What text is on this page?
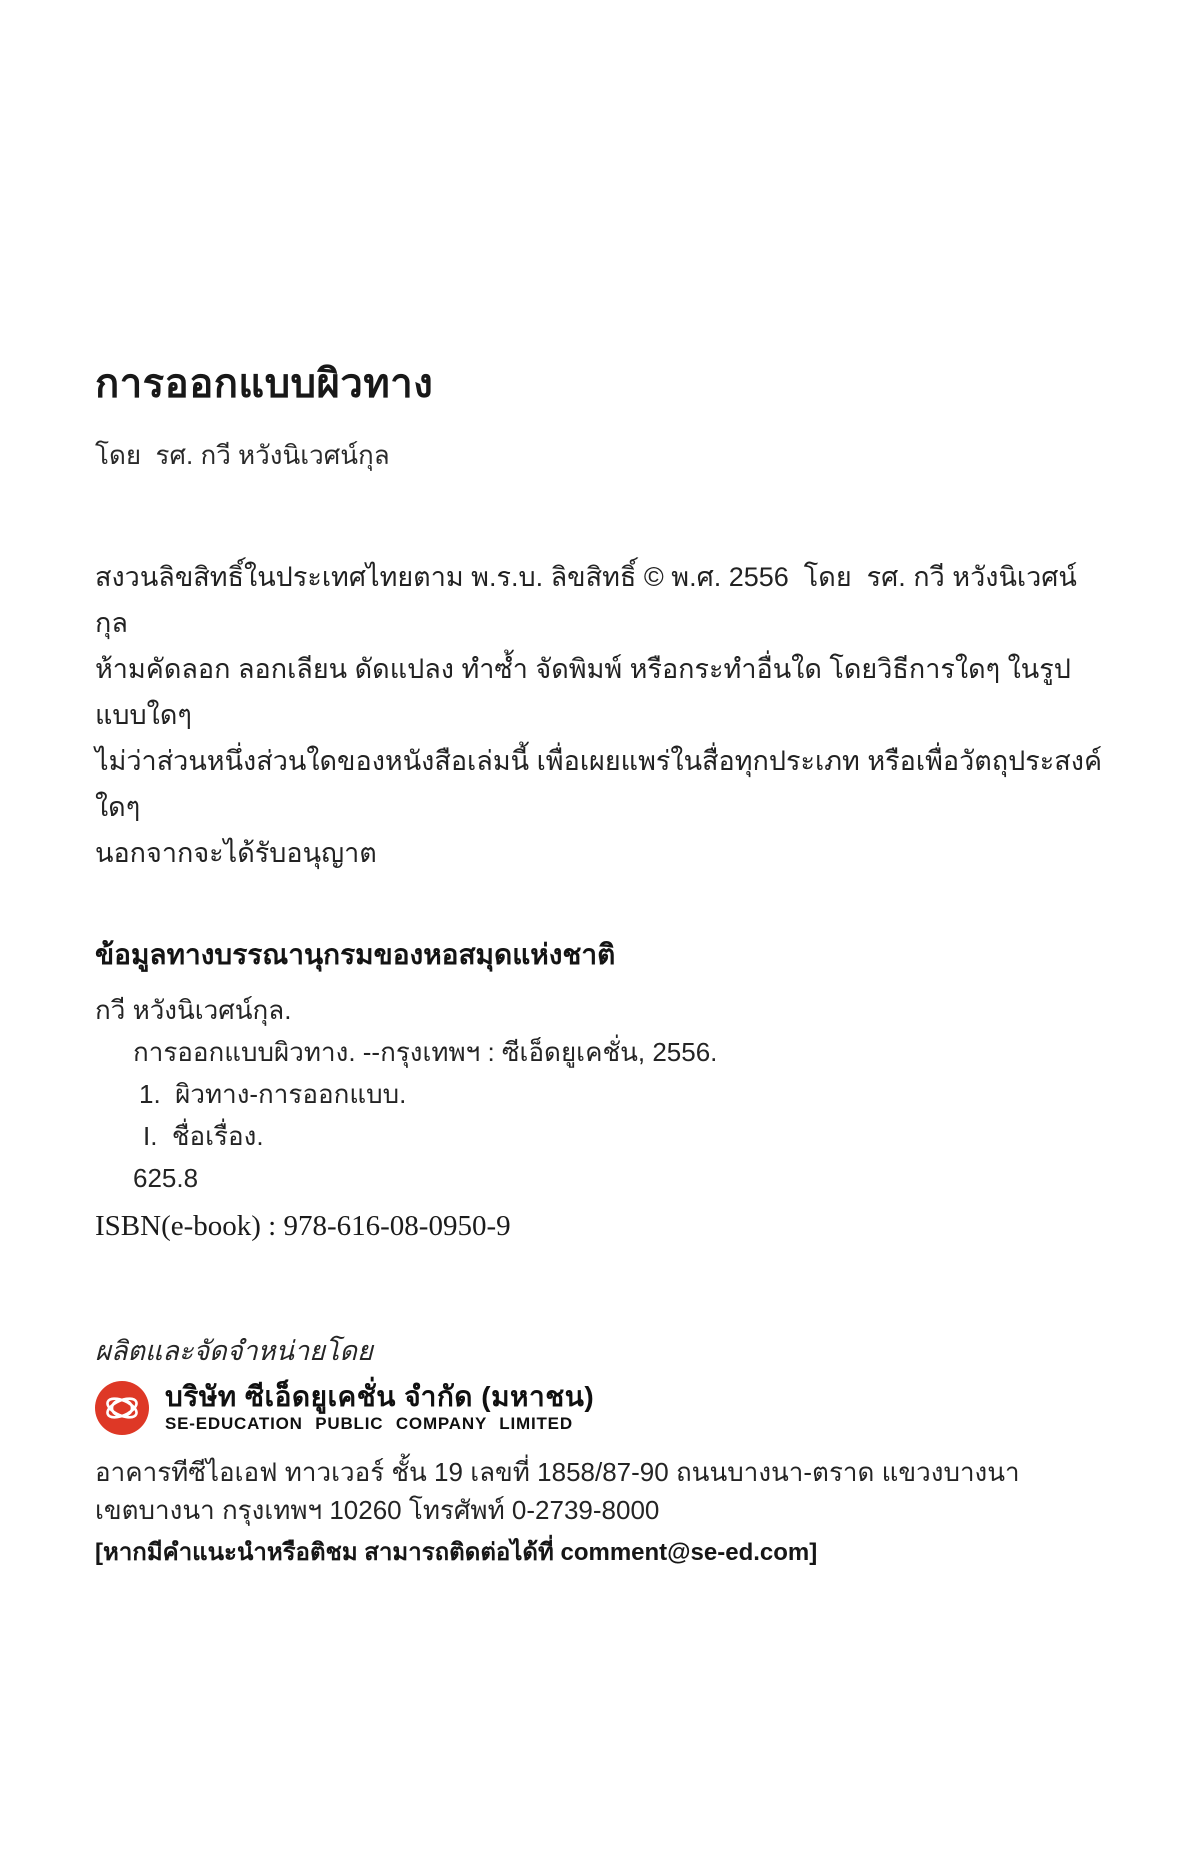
การออกแบบผิวทาง

โดย  รศ. กวี หวังนิเวศน์กุล

สงวนลิขสิทธิ์ในประเทศไทยตาม พ.ร.บ. ลิขสิทธิ์ © พ.ศ. 2556  โดย  รศ. กวี หวังนิเวศน์กุล
ห้ามคัดลอก ลอกเลียน ดัดแปลง ทำซ้ำ จัดพิมพ์ หรือกระทำอื่นใด โดยวิธีการใดๆ ในรูปแบบใดๆ
ไม่ว่าส่วนหนึ่งส่วนใดของหนังสือเล่มนี้ เพื่อเผยแพร่ในสื่อทุกประเภท หรือเพื่อวัตถุประสงค์ใดๆ
นอกจากจะได้รับอนุญาต
ข้อมูลทางบรรณานุกรมของหอสมุดแห่งชาติ
กวี หวังนิเวศน์กุล.
การออกแบบผิวทาง. --กรุงเทพฯ : ซีเอ็ดยูเคชั่น, 2556.
1.  ผิวทาง-การออกแบบ.
I.  ชื่อเรื่อง.
625.8

ISBN(e-book) : 978-616-08-0950-9

ผลิตและจัดจำหน่ายโดย

บริษัท ซีเอ็ดยูเคชั่น จำกัด (มหาชน)
SE-EDUCATION PUBLIC COMPANY LIMITED
อาคารทีซีไอเอฟ ทาวเวอร์ ชั้น 19 เลขที่ 1858/87-90 ถนนบางนา-ตราด แขวงบางนา
เขตบางนา กรุงเทพฯ 10260 โทรศัพท์ 0-2739-8000

[หากมีคำแนะนำหรือติชม สามารถติดต่อได้ที่ comment@se-ed.com]
